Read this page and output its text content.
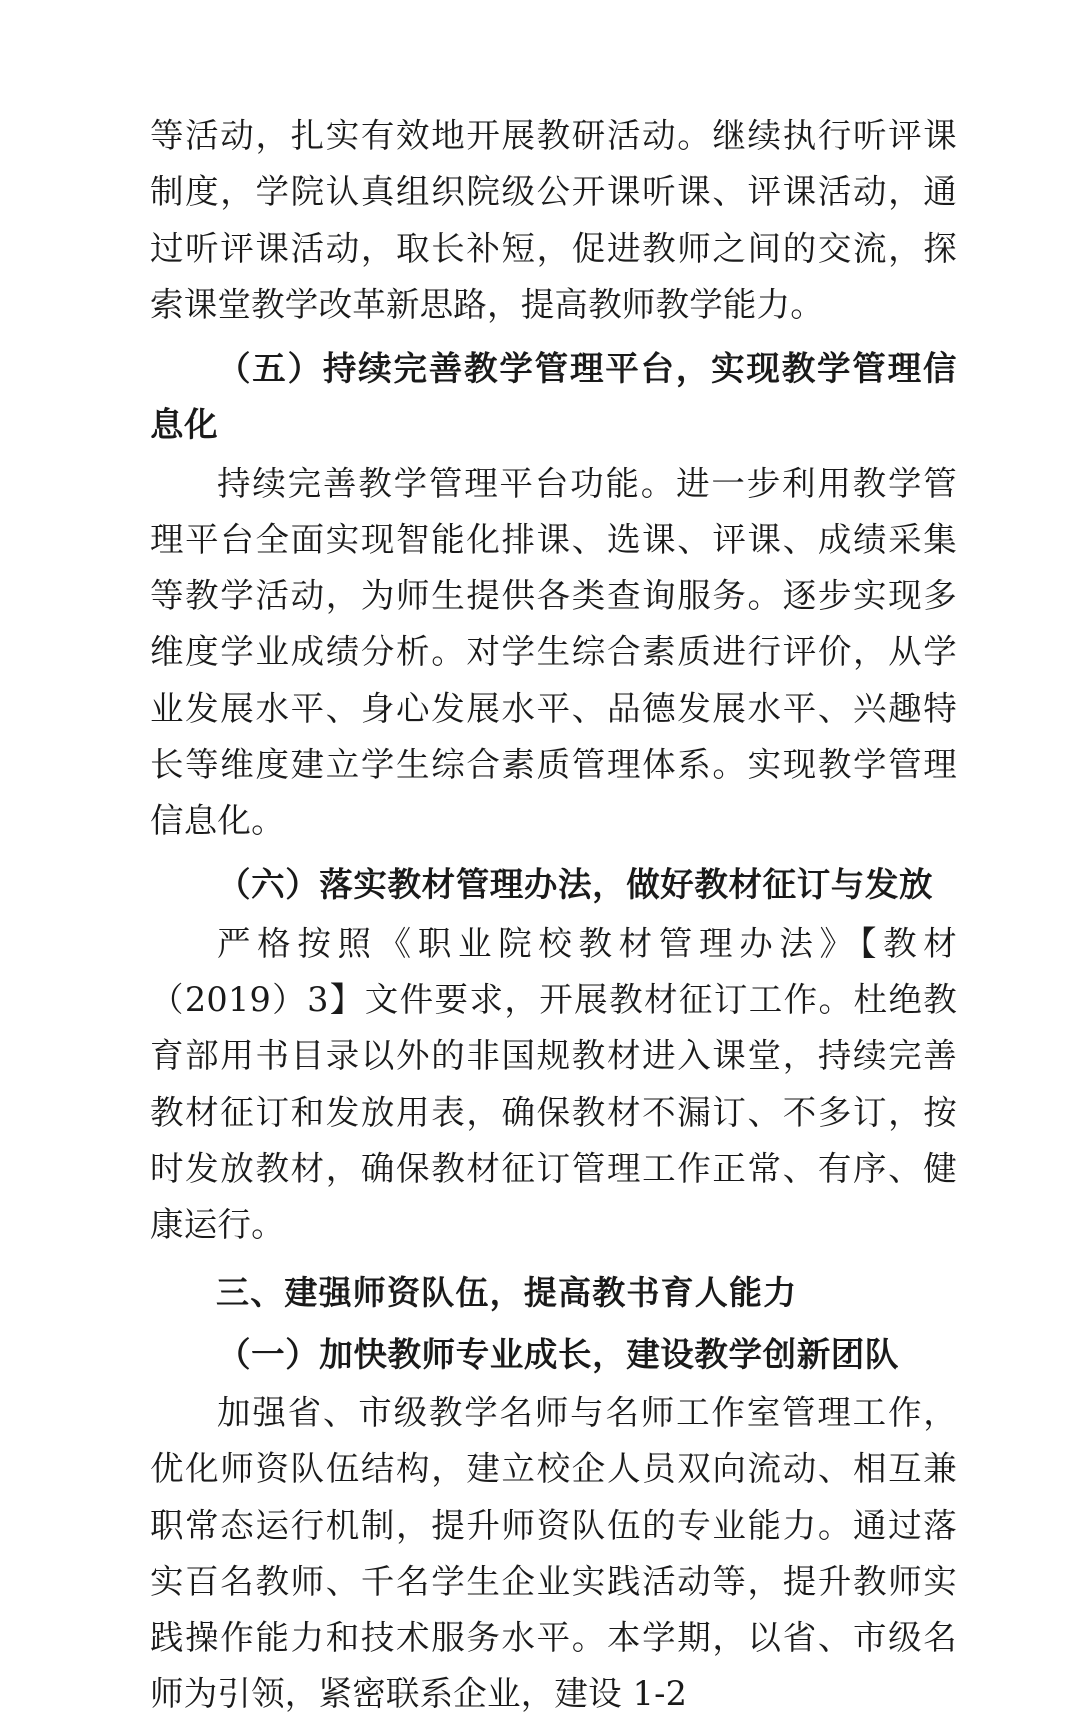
等活动，扎实有效地开展教研活动。继续执行听评课制度，学院认真组织院级公开课听课、评课活动，通过听评课活动，取长补短，促进教师之间的交流，探索课堂教学改革新思路，提高教师教学能力。

（五）持续完善教学管理平台，实现教学管理信息化

持续完善教学管理平台功能。进一步利用教学管理平台全面实现智能化排课、选课、评课、成绩采集等教学活动，为师生提供各类查询服务。逐步实现多维度学业成绩分析。对学生综合素质进行评价，从学业发展水平、身心发展水平、品德发展水平、兴趣特长等维度建立学生综合素质管理体系。实现教学管理信息化。

（六）落实教材管理办法，做好教材征订与发放

严格按照《职业院校教材管理办法》【教材（2019）3】文件要求，开展教材征订工作。杜绝教育部用书目录以外的非国规教材进入课堂，持续完善教材征订和发放用表，确保教材不漏订、不多订，按时发放教材，确保教材征订管理工作正常、有序、健康运行。

三、建强师资队伍，提高教书育人能力

（一）加快教师专业成长，建设教学创新团队

加强省、市级教学名师与名师工作室管理工作，优化师资队伍结构，建立校企人员双向流动、相互兼职常态运行机制，提升师资队伍的专业能力。通过落实百名教师、千名学生企业实践活动等，提升教师实践操作能力和技术服务水平。本学期，以省、市级名师为引领，紧密联系企业，建设 1-2
